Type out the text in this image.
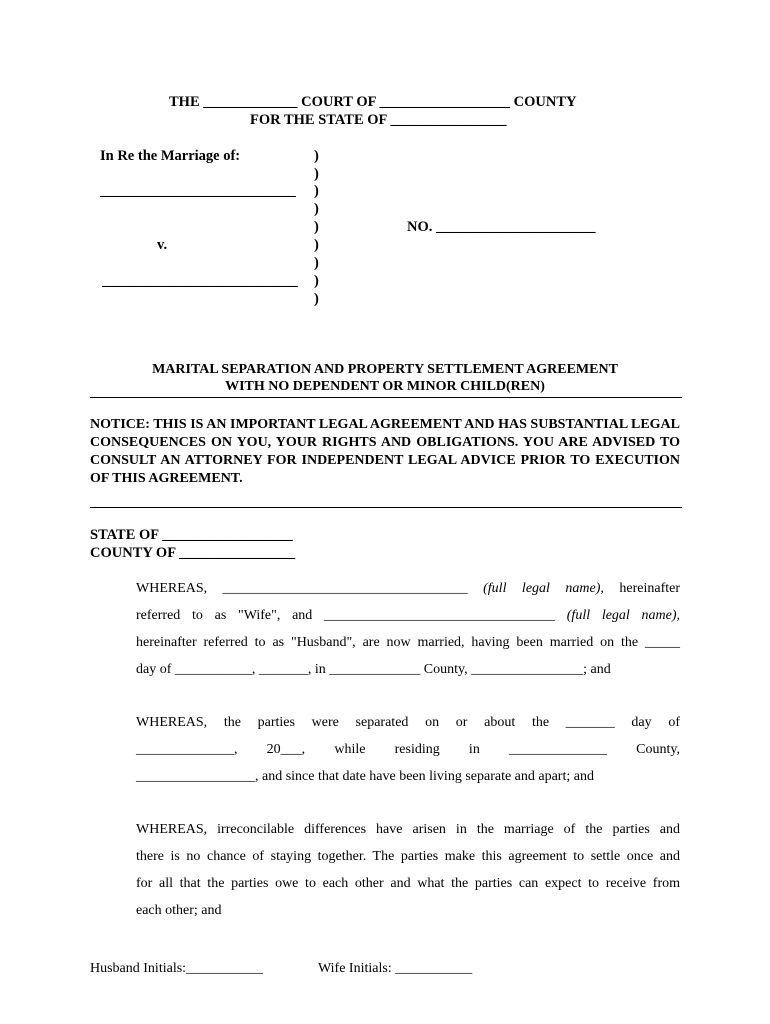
THE _____________ COURT OF __________________ COUNTY
FOR THE STATE OF ________________
In Re the Marriage of:
___________________________
v.
___________________________
NO. ______________________
)
)
)
)
)
)
)
)
)
MARITAL SEPARATION AND PROPERTY SETTLEMENT AGREEMENT
WITH NO DEPENDENT OR MINOR CHILD(REN)
NOTICE: THIS IS AN IMPORTANT LEGAL AGREEMENT AND HAS SUBSTANTIAL LEGAL CONSEQUENCES ON YOU, YOUR RIGHTS AND OBLIGATIONS. YOU ARE ADVISED TO CONSULT AN ATTORNEY FOR INDEPENDENT LEGAL ADVICE PRIOR TO EXECUTION OF THIS AGREEMENT.
STATE OF __________________
COUNTY OF ________________
WHEREAS, ___________________________________ (full legal name), hereinafter
referred to as "Wife", and _________________________________ (full legal name),
hereinafter referred to as "Husband", are now married, having been married on the _____
day of ___________, _______, in _____________ County, ________________; and
WHEREAS, the parties were separated on or about the _______ day of
______________, 20___, while residing in ______________ County,
_________________, and since that date have been living separate and apart; and
WHEREAS, irreconcilable differences have arisen in the marriage of the parties and
there is no chance of staying together. The parties make this agreement to settle once and
for all that the parties owe to each other and what the parties can expect to receive from
each other; and
Husband Initials:___________	Wife Initials: ___________
